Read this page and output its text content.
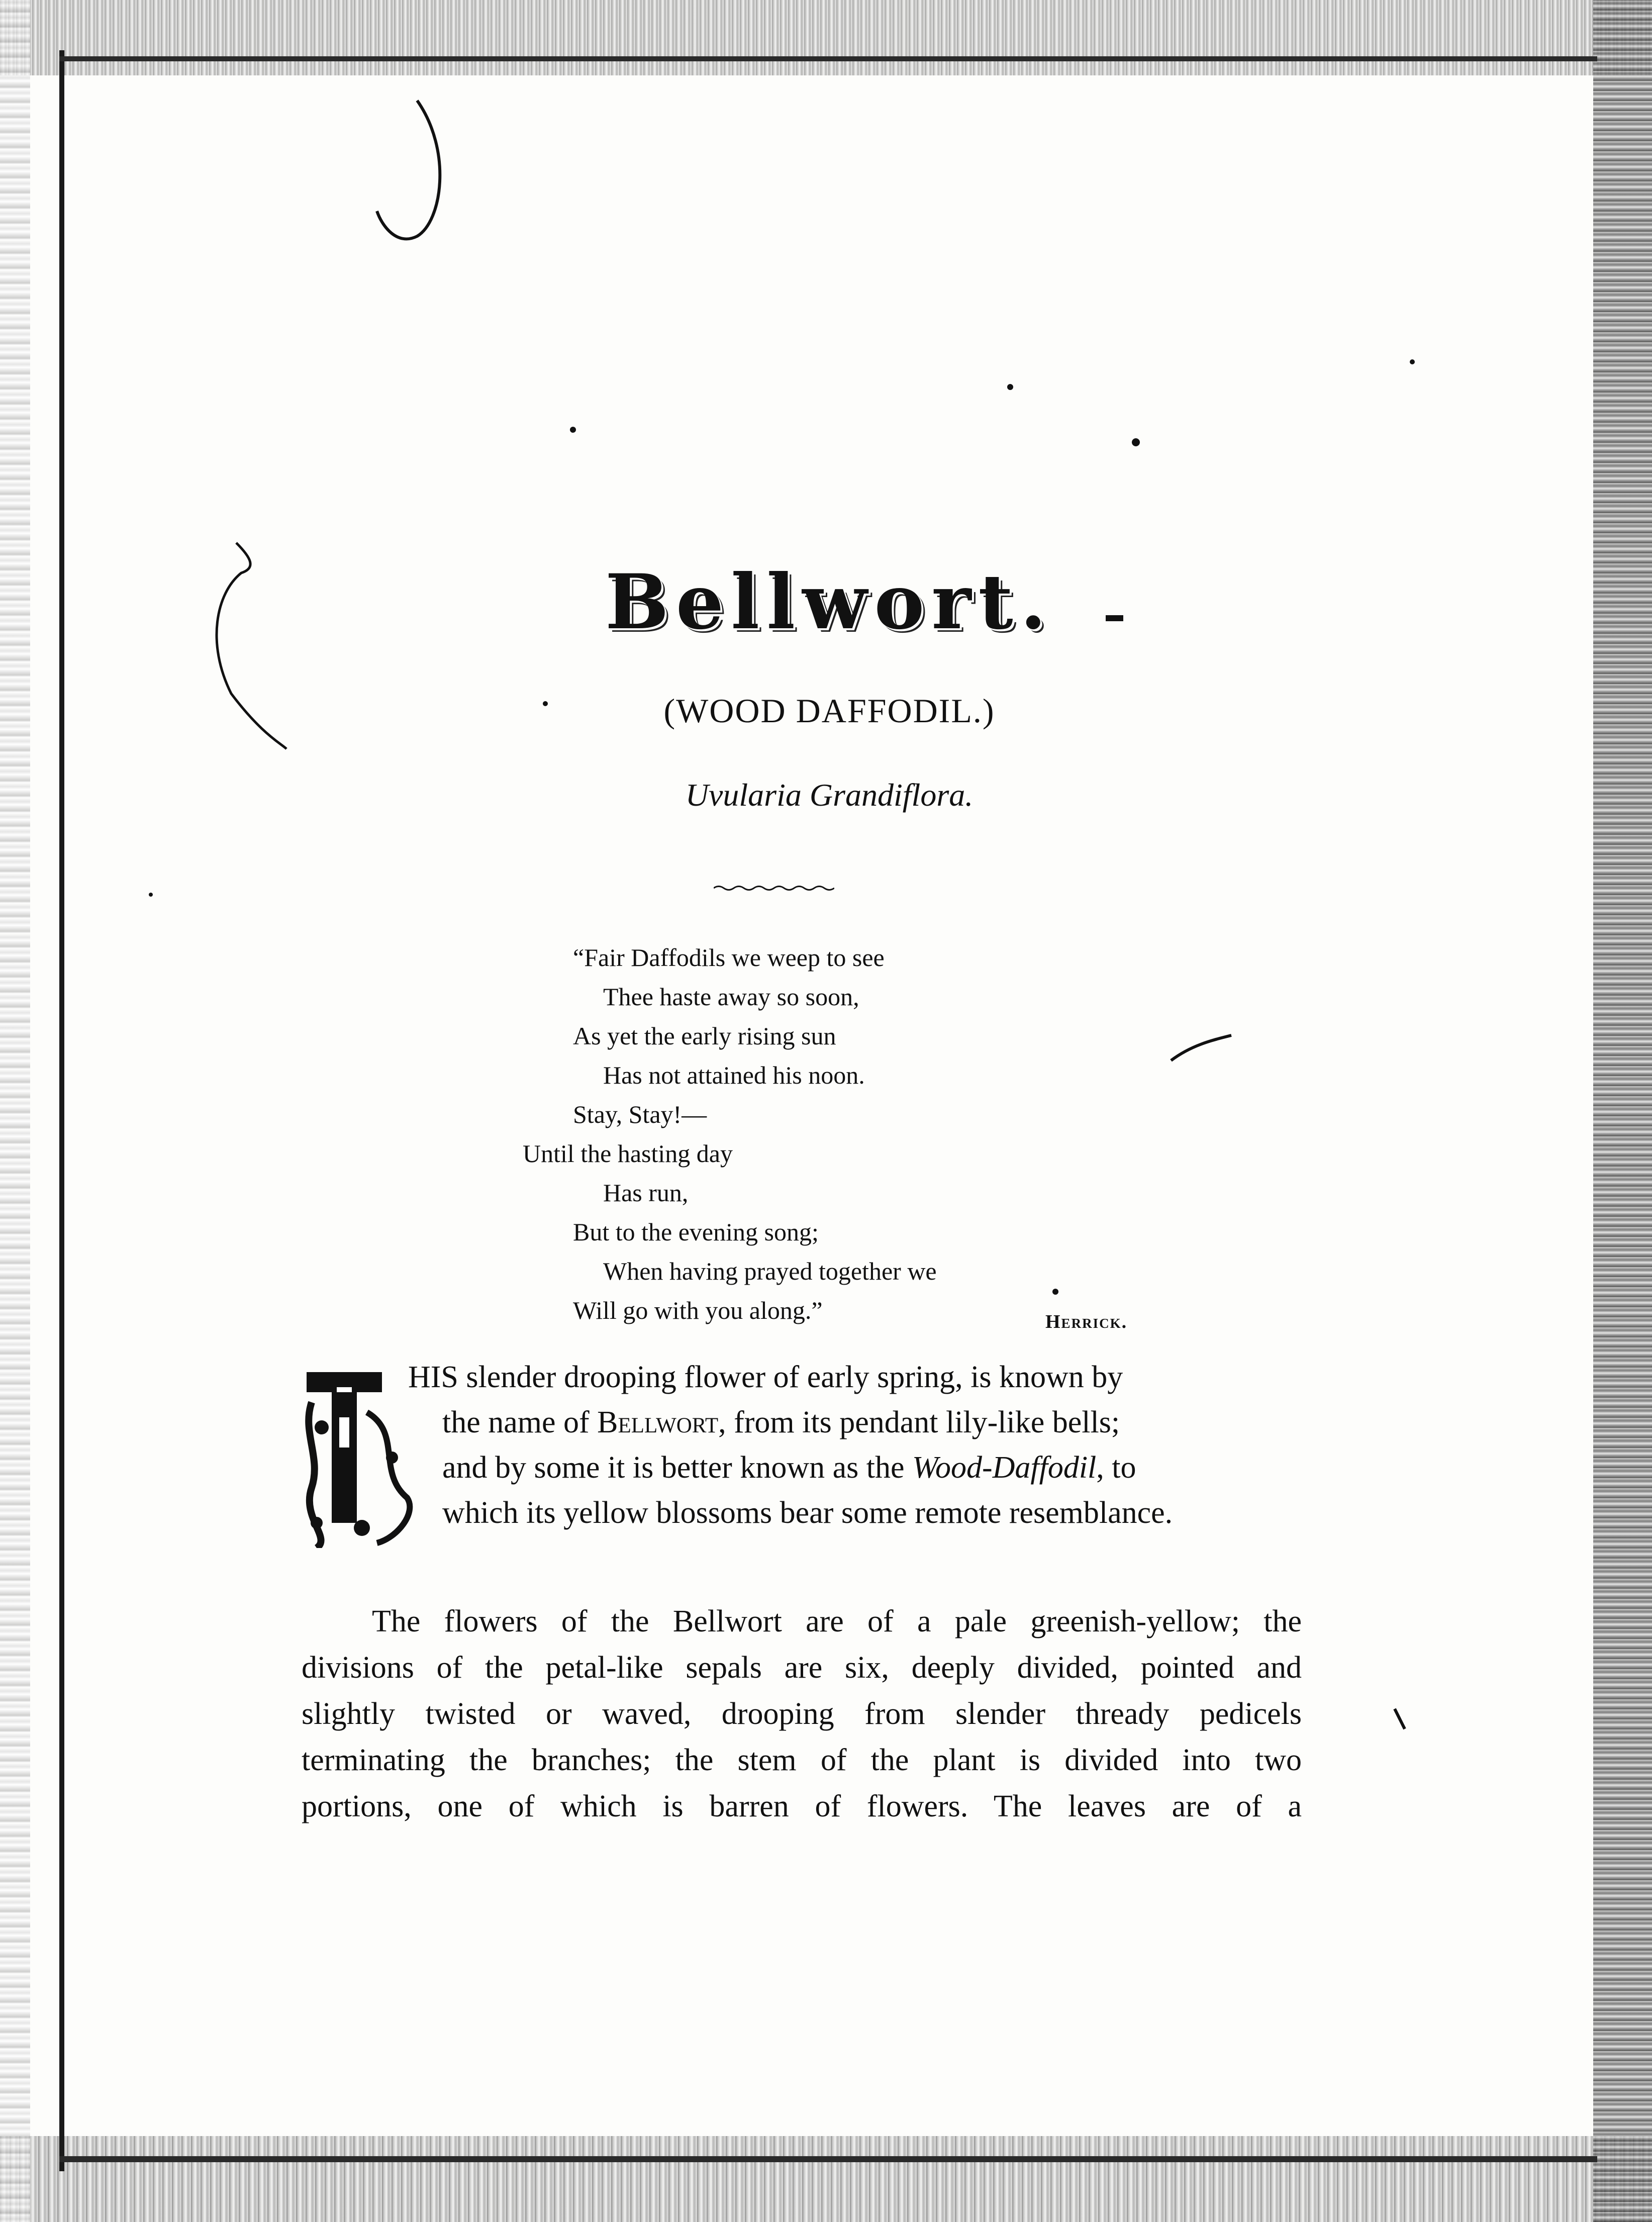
Bellwort.
(WOOD DAFFODIL.)
Uvularia Grandiflora.
“Fair Daffodils we weep to see
Thee haste away so soon,
As yet the early rising sun
Has not attained his noon.
Stay, Stay!—
Until the hasting day
Has run,
But to the evening song;
When having prayed together we
Will go with you along.”	Herrick.
HIS slender drooping flower of early spring, is known by
the name of Bellwort, from its pendant lily-like bells;
and by some it is better known as the Wood-Daffodil, to
which its yellow blossoms bear some remote resemblance.
The flowers of the Bellwort are of a pale greenish-yellow; the
divisions of the petal-like sepals are six, deeply divided, pointed and
slightly twisted or waved, drooping from slender thready pedicels
terminating the branches; the stem of the plant is divided into two
portions, one of which is barren of flowers. The leaves are of a
